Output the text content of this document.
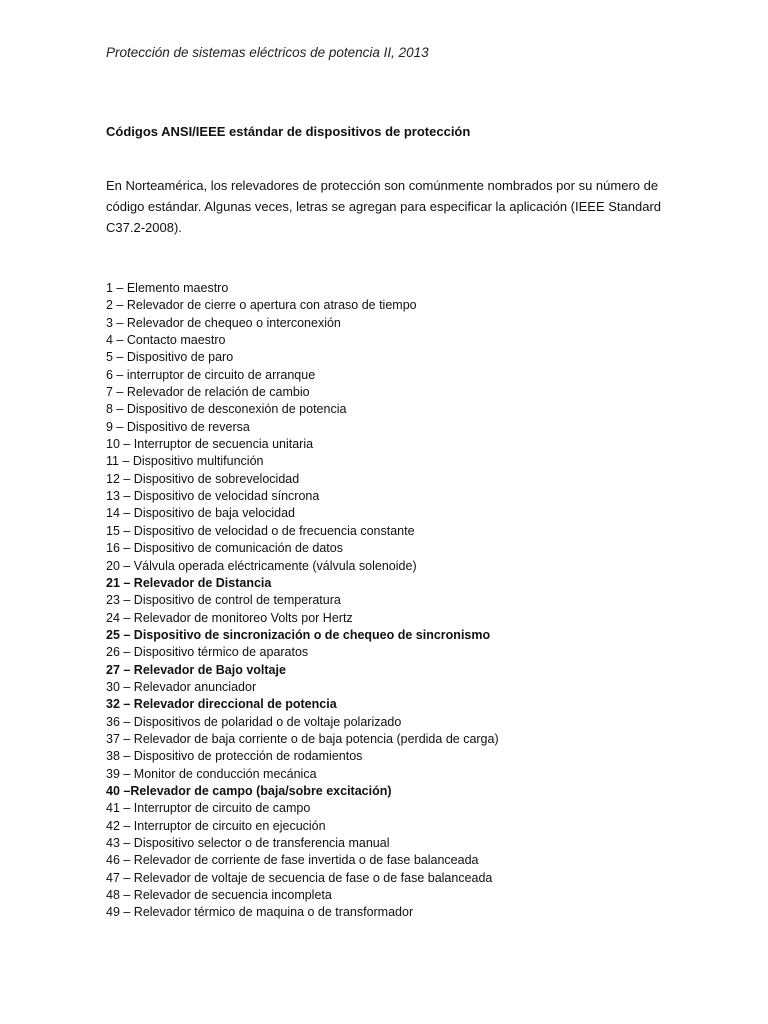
Protección de sistemas eléctricos de potencia II, 2013
Códigos ANSI/IEEE estándar de dispositivos de protección

En Norteamérica, los relevadores de protección son comúnmente nombrados por su número de código estándar. Algunas veces, letras se agregan para especificar la aplicación (IEEE Standard C37.2-2008).

1 – Elemento maestro
2 – Relevador de cierre o apertura con atraso de tiempo
3 – Relevador de chequeo o interconexión
4 – Contacto maestro
5 – Dispositivo de paro
6 – interruptor de circuito de arranque
7 – Relevador de relación de cambio
8 – Dispositivo de desconexión de potencia
9 – Dispositivo de reversa
10 – Interruptor de secuencia unitaria
11 – Dispositivo multifunción
12 – Dispositivo de sobrevelocidad
13 – Dispositivo de velocidad síncrona
14 – Dispositivo de baja velocidad
15 – Dispositivo de velocidad o de frecuencia constante
16 – Dispositivo de comunicación de datos
20 – Válvula operada eléctricamente (válvula solenoide)
21 – Relevador de Distancia
23 – Dispositivo de control de temperatura
24 – Relevador de monitoreo Volts por Hertz
25 – Dispositivo de sincronización o de chequeo de sincronismo
26 – Dispositivo térmico de aparatos
27 – Relevador de Bajo voltaje
30 – Relevador anunciador
32 – Relevador direccional de potencia
36 – Dispositivos de polaridad o de voltaje polarizado
37 – Relevador de baja corriente o de baja potencia (perdida de carga)
38 – Dispositivo de protección de rodamientos
39 – Monitor de conducción mecánica
40 –Relevador de campo (baja/sobre excitación)
41 – Interruptor de circuito de campo
42 – Interruptor de circuito en ejecución
43 – Dispositivo selector o de transferencia manual
46 – Relevador de corriente de fase invertida o de fase balanceada
47 – Relevador de voltaje de secuencia de fase o de fase balanceada
48 – Relevador de secuencia incompleta
49 – Relevador térmico de maquina o de transformador
